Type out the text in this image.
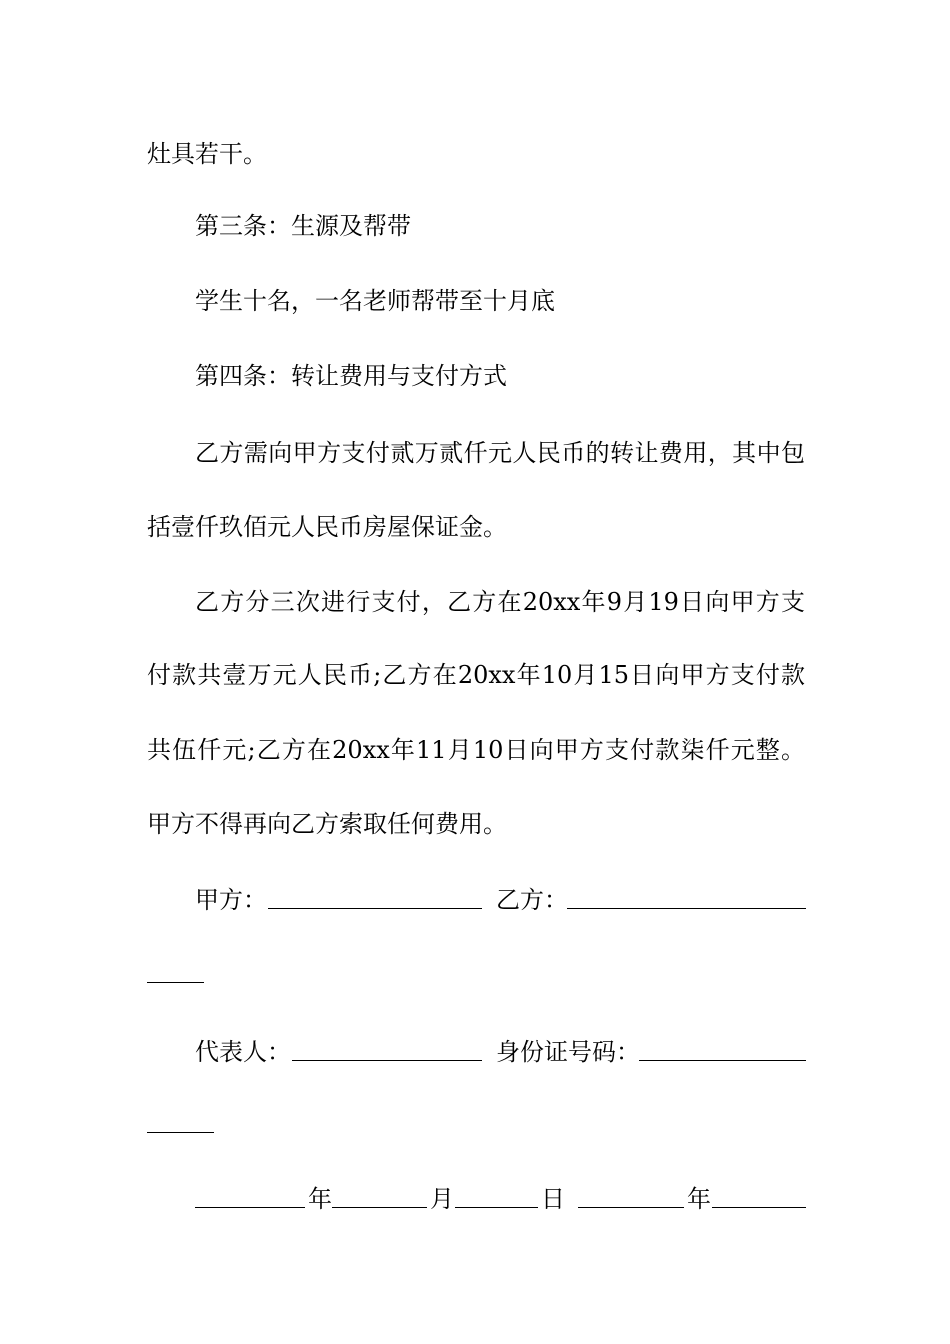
灶具若干。
第三条：生源及帮带
学生十名，一名老师帮带至十月底
第四条：转让费用与支付方式
乙方需向甲方支付贰万贰仟元人民币的转让费用，其中包
括壹仟玖佰元人民币房屋保证金。
乙方分三次进行支付，乙方在20xx年9月19日向甲方支
付款共壹万元人民币;乙方在20xx年10月15日向甲方支付款
共伍仟元;乙方在20xx年11月10日向甲方支付款柒仟元整。
甲方不得再向乙方索取任何费用。
甲方：	乙方：
代表人：	身份证号码：
年	月	日	年
